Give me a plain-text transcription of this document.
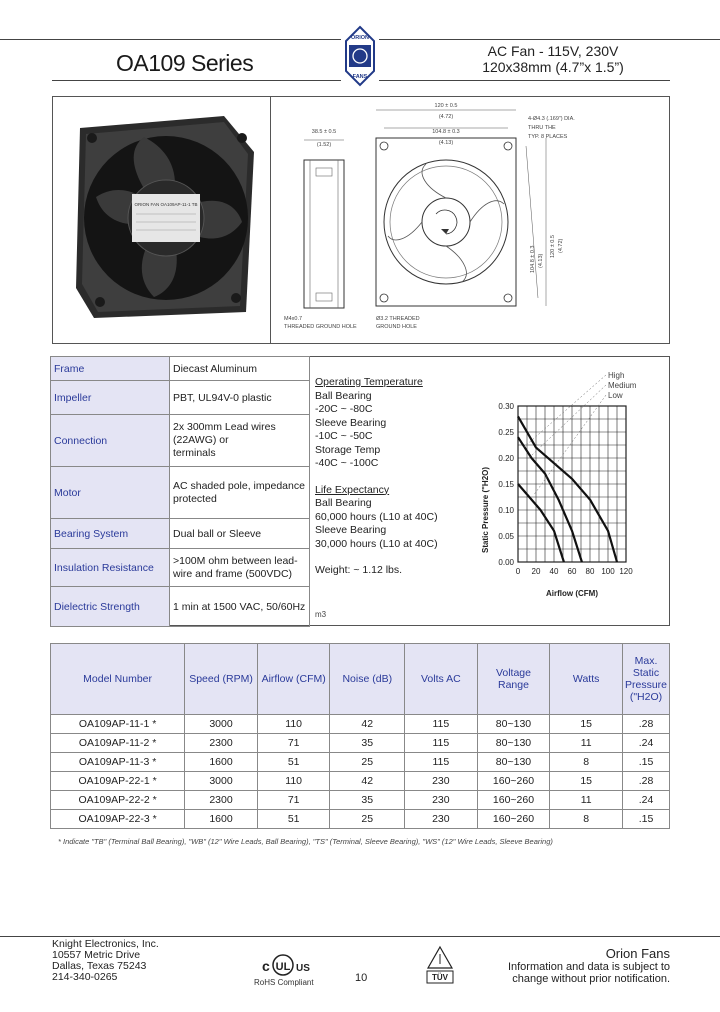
OA109 Series
ORION
FANS
AC Fan - 115V, 230V
120x38mm (4.7”x 1.5”)
ORION FAN OA109AP-11-1 TB
38.5 ± 0.5
(1.52)
M4x0.7
THREADED GROUND HOLE
120 ± 0.5
(4.72)
104.8 ± 0.3
(4.13)
4-Ø4.3 (.169”) DIA.
THRU THE
TYP. 8 PLACES
104.8 ± 0.3 (4.13)
120 ± 0.5 (4.72)
Ø3.2 THREADED
GROUND HOLE
Frame	Diecast Aluminum
Impeller	PBT, UL94V-0 plastic
Connection	2x 300mm Lead wires
(22AWG) or
terminals
Motor	AC shaded pole, impedance
protected
Bearing System	Dual ball or Sleeve
Insulation Resistance	>100M ohm between lead-
wire and frame (500VDC)
Dielectric Strength	1 min at 1500 VAC, 50/60Hz
Operating Temperature
Ball Bearing
-20C ~ -80C
Sleeve Bearing
-10C ~ -50C
Storage Temp
-40C ~ -100C
Life Expectancy
Ball Bearing
60,000 hours (L10 at 40C)
Sleeve Bearing
30,000 hours (L10 at 40C)
Weight: ~ 1.12 lbs.
m3
0.30
0.25
0.20
0.15
0.10
0.05
0.00
0 20 40 60 80 100 120
Airflow (CFM)
Static Pressure ("H2O)
High
Medium
Low
Model Number	Speed (RPM)	Airflow (CFM)	Noise (dB)	Volts AC	Voltage Range	Watts	Max. Static Pressure ("H2O)
OA109AP-11-1 *	3000	110	42	115	80~130	15	.28
OA109AP-11-2 *	2300	71	35	115	80~130	11	.24
OA109AP-11-3 *	1600	51	25	115	80~130	8	.15
OA109AP-22-1 *	3000	110	42	230	160~260	15	.28
OA109AP-22-2 *	2300	71	35	230	160~260	11	.24
OA109AP-22-3 *	1600	51	25	230	160~260	8	.15
* Indicate "TB" (Terminal Ball Bearing), "WB" (12" Wire Leads, Ball Bearing), "TS" (Terminal, Sleeve Bearing), "WS" (12" Wire Leads, Sleeve Bearing)
Knight Electronics, Inc.
10557 Metric Drive
Dallas, Texas 75243
214-340-0265
c UL US
RoHS Compliant	10	TÜV
Orion Fans
Information and data is subject to
change without prior notification.
